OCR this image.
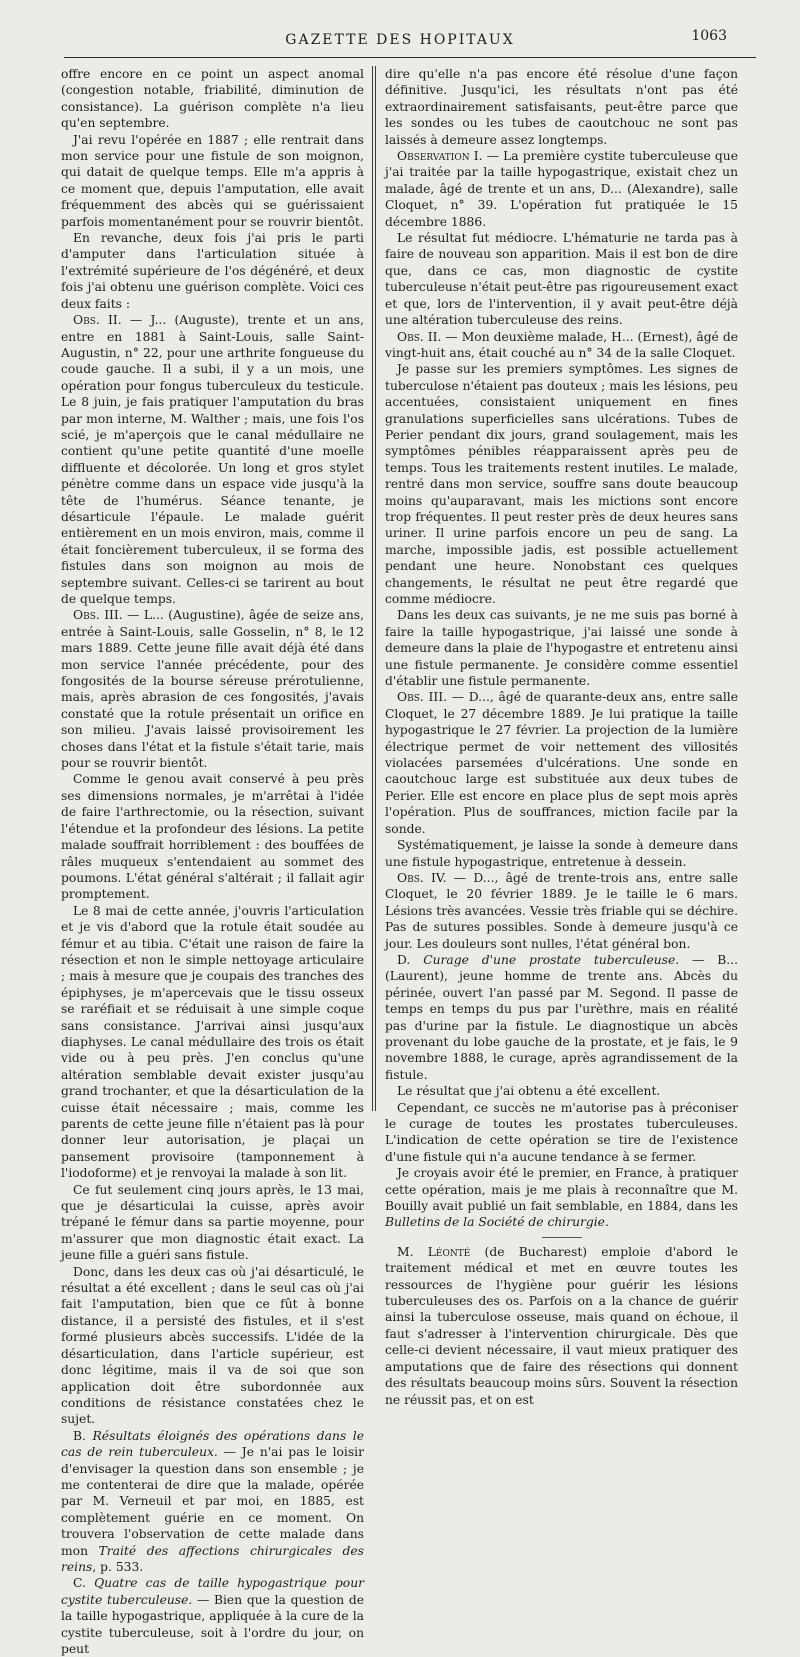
GAZETTE DES HOPITAUX	1063

offre encore en ce point un aspect anomal (congestion notable, friabilité, diminution de consistance). La guérison complète n'a lieu qu'en septembre.

J'ai revu l'opérée en 1887 ; elle rentrait dans mon service pour une fistule de son moignon, qui datait de quelque temps. Elle m'a appris à ce moment que, depuis l'amputation, elle avait fréquemment des abcès qui se guérissaient parfois momentanément pour se rouvrir bientôt.

En revanche, deux fois j'ai pris le parti d'amputer dans l'articulation située à l'extrémité supérieure de l'os dégénéré, et deux fois j'ai obtenu une guérison complète. Voici ces deux faits :

Obs. II. — J... (Auguste), trente et un ans, entre en 1881 à Saint-Louis, salle Saint-Augustin, n° 22, pour une arthrite fongueuse du coude gauche. Il a subi, il y a un mois, une opération pour fongus tuberculeux du testicule. Le 8 juin, je fais pratiquer l'amputation du bras par mon interne, M. Walther ; mais, une fois l'os scié, je m'aperçois que le canal médullaire ne contient qu'une petite quantité d'une moelle diffluente et décolorée. Un long et gros stylet pénètre comme dans un espace vide jusqu'à la tête de l'humérus. Séance tenante, je désarticule l'épaule. Le malade guérit entièrement en un mois environ, mais, comme il était foncièrement tuberculeux, il se forma des fistules dans son moignon au mois de septembre suivant. Celles-ci se tarirent au bout de quelque temps.

Obs. III. — L... (Augustine), âgée de seize ans, entrée à Saint-Louis, salle Gosselin, n° 8, le 12 mars 1889. Cette jeune fille avait déjà été dans mon service l'année précédente, pour des fongosités de la bourse séreuse prérotulienne, mais, après abrasion de ces fongosités, j'avais constaté que la rotule présentait un orifice en son milieu. J'avais laissé provisoirement les choses dans l'état et la fistule s'était tarie, mais pour se rouvrir bientôt.

Comme le genou avait conservé à peu près ses dimensions normales, je m'arrêtai à l'idée de faire l'arthrectomie, ou la résection, suivant l'étendue et la profondeur des lésions. La petite malade souffrait horriblement : des bouffées de râles muqueux s'entendaient au sommet des poumons. L'état général s'altérait ; il fallait agir promptement.

Le 8 mai de cette année, j'ouvris l'articulation et je vis d'abord que la rotule était soudée au fémur et au tibia. C'était une raison de faire la résection et non le simple nettoyage articulaire ; mais à mesure que je coupais des tranches des épiphyses, je m'apercevais que le tissu osseux se raréfiait et se réduisait à une simple coque sans consistance. J'arrivai ainsi jusqu'aux diaphyses. Le canal médullaire des trois os était vide ou à peu près. J'en conclus qu'une altération semblable devait exister jusqu'au grand trochanter, et que la désarticulation de la cuisse était nécessaire ; mais, comme les parents de cette jeune fille n'étaient pas là pour donner leur autorisation, je plaçai un pansement provisoire (tamponnement à l'iodoforme) et je renvoyai la malade à son lit.

Ce fut seulement cinq jours après, le 13 mai, que je désarticulai la cuisse, après avoir trépané le fémur dans sa partie moyenne, pour m'assurer que mon diagnostic était exact. La jeune fille a guéri sans fistule.

Donc, dans les deux cas où j'ai désarticulé, le résultat a été excellent ; dans le seul cas où j'ai fait l'amputation, bien que ce fût à bonne distance, il a persisté des fistules, et il s'est formé plusieurs abcès successifs. L'idée de la désarticulation, dans l'article supérieur, est donc légitime, mais il va de soi que son application doit être subordonnée aux conditions de résistance constatées chez le sujet.

B. Résultats éloignés des opérations dans le cas de rein tuberculeux. — Je n'ai pas le loisir d'envisager la question dans son ensemble ; je me contenterai de dire que la malade, opérée par M. Verneuil et par moi, en 1885, est complètement guérie en ce moment. On trouvera l'observation de cette malade dans mon Traité des affections chirurgicales des reins, p. 533.

C. Quatre cas de taille hypogastrique pour cystite tuberculeuse. — Bien que la question de la taille hypogastrique, appliquée à la cure de la cystite tuberculeuse, soit à l'ordre du jour, on peut

dire qu'elle n'a pas encore été résolue d'une façon définitive. Jusqu'ici, les résultats n'ont pas été extraordinairement satisfaisants, peut-être parce que les sondes ou les tubes de caoutchouc ne sont pas laissés à demeure assez longtemps.

Observation I. — La première cystite tuberculeuse que j'ai traitée par la taille hypogastrique, existait chez un malade, âgé de trente et un ans, D... (Alexandre), salle Cloquet, n° 39. L'opération fut pratiquée le 15 décembre 1886.

Le résultat fut médiocre. L'hématurie ne tarda pas à faire de nouveau son apparition. Mais il est bon de dire que, dans ce cas, mon diagnostic de cystite tuberculeuse n'était peut-être pas rigoureusement exact et que, lors de l'intervention, il y avait peut-être déjà une altération tuberculeuse des reins.

Obs. II. — Mon deuxième malade, H... (Ernest), âgé de vingt-huit ans, était couché au n° 34 de la salle Cloquet.

Je passe sur les premiers symptômes. Les signes de tuberculose n'étaient pas douteux ; mais les lésions, peu accentuées, consistaient uniquement en fines granulations superficielles sans ulcérations. Tubes de Perier pendant dix jours, grand soulagement, mais les symptômes pénibles réapparaissent après peu de temps. Tous les traitements restent inutiles. Le malade, rentré dans mon service, souffre sans doute beaucoup moins qu'auparavant, mais les mictions sont encore trop fréquentes. Il peut rester près de deux heures sans uriner. Il urine parfois encore un peu de sang. La marche, impossible jadis, est possible actuellement pendant une heure. Nonobstant ces quelques changements, le résultat ne peut être regardé que comme médiocre.

Dans les deux cas suivants, je ne me suis pas borné à faire la taille hypogastrique, j'ai laissé une sonde à demeure dans la plaie de l'hypogastre et entretenu ainsi une fistule permanente. Je considère comme essentiel d'établir une fistule permanente.

Obs. III. — D..., âgé de quarante-deux ans, entre salle Cloquet, le 27 décembre 1889. Je lui pratique la taille hypogastrique le 27 février. La projection de la lumière électrique permet de voir nettement des villosités violacées parsemées d'ulcérations. Une sonde en caoutchouc large est substituée aux deux tubes de Perier. Elle est encore en place plus de sept mois après l'opération. Plus de souffrances, miction facile par la sonde.

Systématiquement, je laisse la sonde à demeure dans une fistule hypogastrique, entretenue à dessein.

Obs. IV. — D..., âgé de trente-trois ans, entre salle Cloquet, le 20 février 1889. Je le taille le 6 mars. Lésions très avancées. Vessie très friable qui se déchire. Pas de sutures possibles. Sonde à demeure jusqu'à ce jour. Les douleurs sont nulles, l'état général bon.

D. Curage d'une prostate tuberculeuse. — B... (Laurent), jeune homme de trente ans. Abcès du périnée, ouvert l'an passé par M. Segond. Il passe de temps en temps du pus par l'urèthre, mais en réalité pas d'urine par la fistule. Le diagnostique un abcès provenant du lobe gauche de la prostate, et je fais, le 9 novembre 1888, le curage, après agrandissement de la fistule.

Le résultat que j'ai obtenu a été excellent.

Cependant, ce succès ne m'autorise pas à préconiser le curage de toutes les prostates tuberculeuses. L'indication de cette opération se tire de l'existence d'une fistule qui n'a aucune tendance à se fermer.

Je croyais avoir été le premier, en France, à pratiquer cette opération, mais je me plais à reconnaître que M. Bouilly avait publié un fait semblable, en 1884, dans les Bulletins de la Société de chirurgie.

M. Léonté (de Bucharest) emploie d'abord le traitement médical et met en œuvre toutes les ressources de l'hygiène pour guérir les lésions tuberculeuses des os. Parfois on a la chance de guérir ainsi la tuberculose osseuse, mais quand on échoue, il faut s'adresser à l'intervention chirurgicale. Dès que celle-ci devient nécessaire, il vaut mieux pratiquer des amputations que de faire des résections qui donnent des résultats beaucoup moins sûrs. Souvent la résection ne réussit pas, et on est
